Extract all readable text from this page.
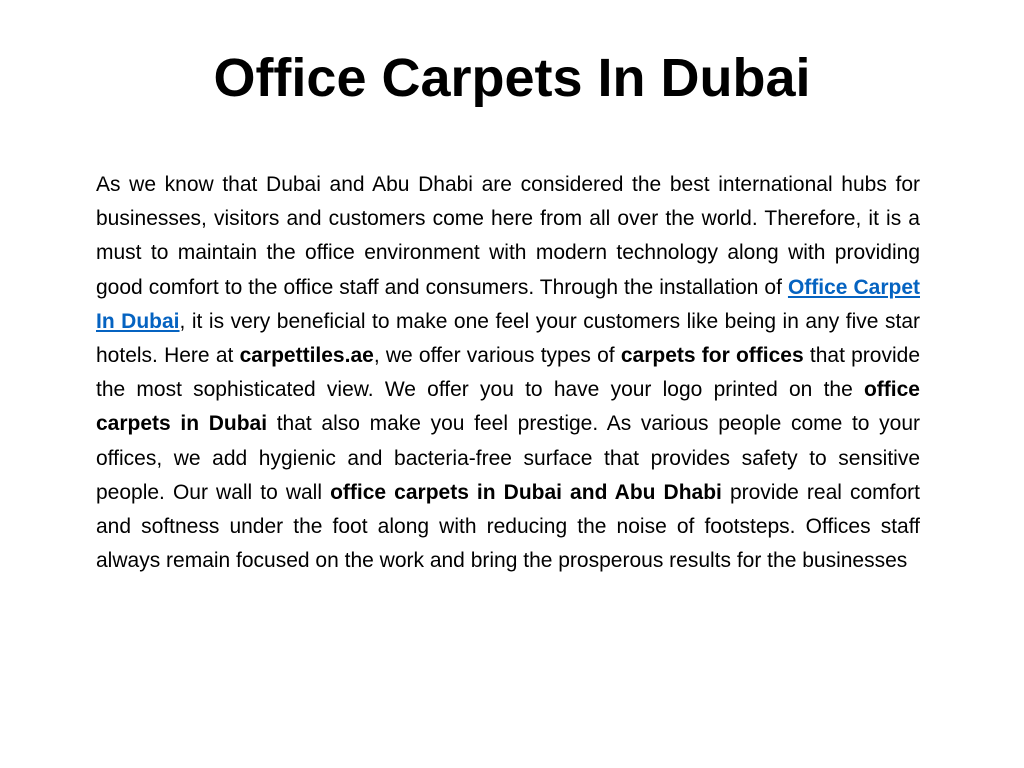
Office Carpets In Dubai

As we know that Dubai and Abu Dhabi are considered the best international hubs for businesses, visitors and customers come here from all over the world. Therefore, it is a must to maintain the office environment with modern technology along with providing good comfort to the office staff and consumers. Through the installation of Office Carpet In Dubai, it is very beneficial to make one feel your customers like being in any five star hotels. Here at carpettiles.ae, we offer various types of carpets for offices that provide the most sophisticated view. We offer you to have your logo printed on the office carpets in Dubai that also make you feel prestige. As various people come to your offices, we add hygienic and bacteria-free surface that provides safety to sensitive people. Our wall to wall office carpets in Dubai and Abu Dhabi provide real comfort and softness under the foot along with reducing the noise of footsteps. Offices staff always remain focused on the work and bring the prosperous results for the businesses
